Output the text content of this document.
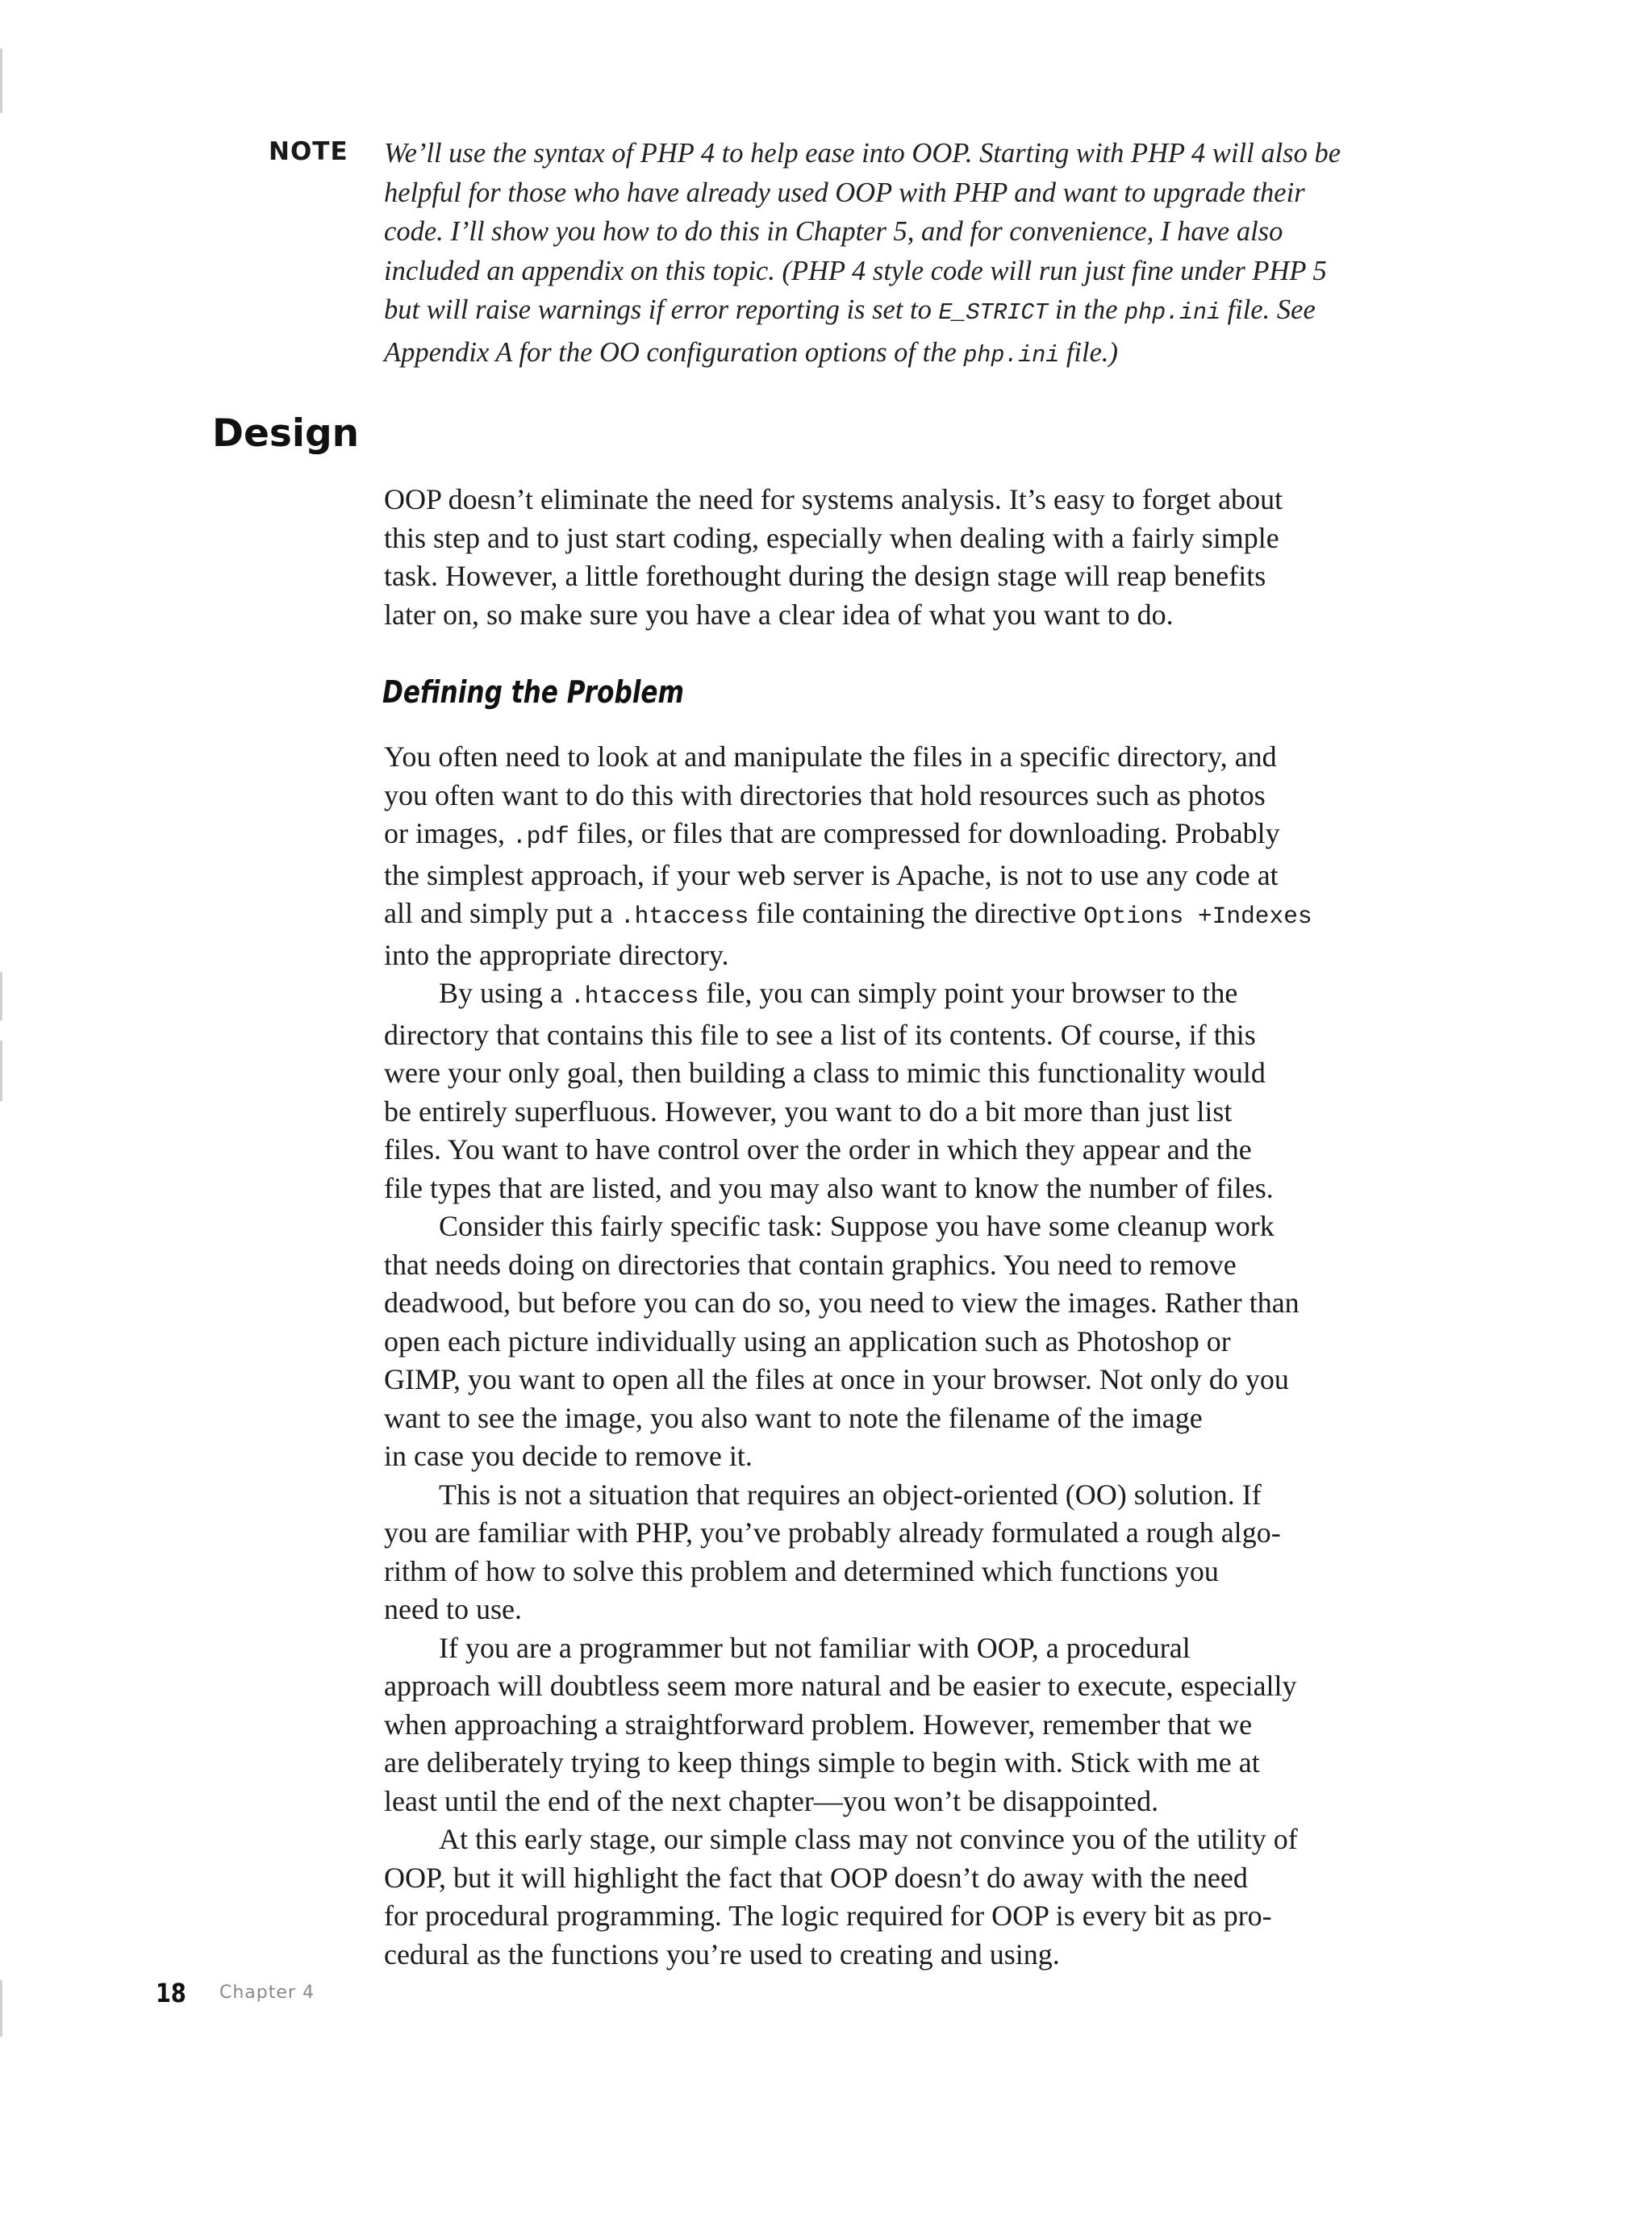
NOTE We’ll use the syntax of PHP 4 to help ease into OOP. Starting with PHP 4 will also be
helpful for those who have already used OOP with PHP and want to upgrade their
code. I’ll show you how to do this in Chapter 5, and for convenience, I have also
included an appendix on this topic. (PHP 4 style code will run just fine under PHP 5
but will raise warnings if error reporting is set to E_STRICT in the php.ini file. See
Appendix A for the OO configuration options of the php.ini file.)
Design
OOP doesn’t eliminate the need for systems analysis. It’s easy to forget about
this step and to just start coding, especially when dealing with a fairly simple
task. However, a little forethought during the design stage will reap benefits
later on, so make sure you have a clear idea of what you want to do.
Defining the Problem
You often need to look at and manipulate the files in a specific directory, and
you often want to do this with directories that hold resources such as photos
or images, .pdf files, or files that are compressed for downloading. Probably
the simplest approach, if your web server is Apache, is not to use any code at
all and simply put a .htaccess file containing the directive Options +Indexes
into the appropriate directory.
By using a .htaccess file, you can simply point your browser to the
directory that contains this file to see a list of its contents. Of course, if this
were your only goal, then building a class to mimic this functionality would
be entirely superfluous. However, you want to do a bit more than just list
files. You want to have control over the order in which they appear and the
file types that are listed, and you may also want to know the number of files.
Consider this fairly specific task: Suppose you have some cleanup work
that needs doing on directories that contain graphics. You need to remove
deadwood, but before you can do so, you need to view the images. Rather than
open each picture individually using an application such as Photoshop or
GIMP, you want to open all the files at once in your browser. Not only do you
want to see the image, you also want to note the filename of the image
in case you decide to remove it.
This is not a situation that requires an object-oriented (OO) solution. If
you are familiar with PHP, you’ve probably already formulated a rough algo-
rithm of how to solve this problem and determined which functions you
need to use.
If you are a programmer but not familiar with OOP, a procedural
approach will doubtless seem more natural and be easier to execute, especially
when approaching a straightforward problem. However, remember that we
are deliberately trying to keep things simple to begin with. Stick with me at
least until the end of the next chapter—you won’t be disappointed.
At this early stage, our simple class may not convince you of the utility of
OOP, but it will highlight the fact that OOP doesn’t do away with the need
for procedural programming. The logic required for OOP is every bit as pro-
cedural as the functions you’re used to creating and using.
18 Chapter 4
